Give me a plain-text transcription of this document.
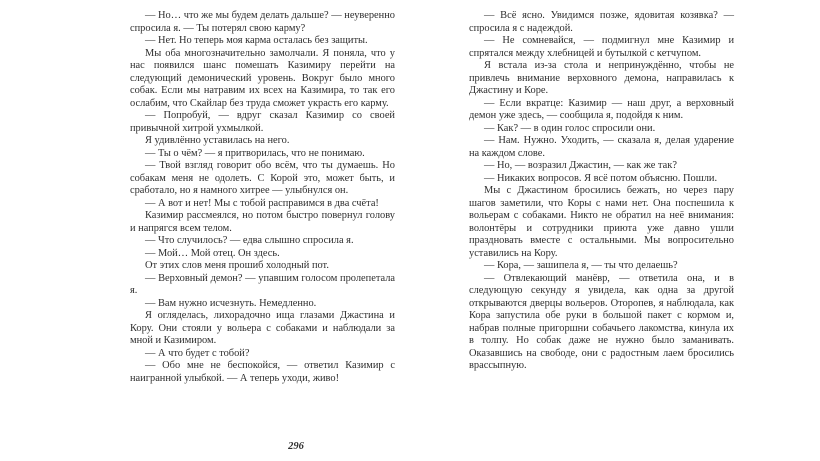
— Но… что же мы будем делать дальше? — неуверенно спросила я. — Ты потерял свою карму?

— Нет. Но теперь моя карма осталась без защиты.

Мы оба многозначительно замолчали. Я поняла, что у нас появился шанс помешать Казимиру перейти на следующий демонический уровень. Вокруг было много собак. Если мы натравим их всех на Казимира, то так его ослабим, что Скайлар без труда сможет украсть его карму.

— Попробуй, — вдруг сказал Казимир со своей привычной хитрой ухмылкой.

Я удивлённо уставилась на него.

— Ты о чём? — я притворилась, что не понимаю.

— Твой взгляд говорит обо всём, что ты думаешь. Но собакам меня не одолеть. С Корой это, может быть, и сработало, но я намного хитрее — улыбнулся он.

— А вот и нет! Мы с тобой расправимся в два счёта!

Казимир рассмеялся, но потом быстро повернул голову и напрягся всем телом.

— Что случилось? — едва слышно спросила я.

— Мой… Мой отец. Он здесь.

От этих слов меня прошиб холодный пот.

— Верховный демон? — упавшим голосом пролепетала я.

— Вам нужно исчезнуть. Немедленно.

Я огляделась, лихорадочно ища глазами Джастина и Кору. Они стояли у вольера с собаками и наблюдали за мной и Казимиром.

— А что будет с тобой?

— Обо мне не беспокойся, — ответил Казимир с наигранной улыбкой. — А теперь уходи, живо!

— Всё ясно. Увидимся позже, ядовитая козявка? — спросила я с надеждой.

— Не сомневайся, — подмигнул мне Казимир и спрятался между хлебницей и бутылкой с кетчупом.

Я встала из-за стола и непринуждённо, чтобы не привлечь внимание верховного демона, направилась к Джастину и Коре.

— Если вкратце: Казимир — наш друг, а верховный демон уже здесь, — сообщила я, подойдя к ним.

— Как? — в один голос спросили они.

— Нам. Нужно. Уходить, — сказала я, делая ударение на каждом слове.

— Но, — возразил Джастин, — как же так?

— Никаких вопросов. Я всё потом объясню. Пошли.

Мы с Джастином бросились бежать, но через пару шагов заметили, что Коры с нами нет. Она поспешила к вольерам с собаками. Никто не обратил на неё внимания: волонтёры и сотрудники приюта уже давно ушли праздновать вместе с остальными. Мы вопросительно уставились на Кору.

— Кора, — зашипела я, — ты что делаешь?

— Отвлекающий манёвр, — ответила она, и в следующую секунду я увидела, как одна за другой открываются дверцы вольеров. Оторопев, я наблюдала, как Кора запустила обе руки в большой пакет с кормом и, набрав полные пригоршни собачьего лакомства, кинула их в толпу. Но собак даже не нужно было заманивать. Оказавшись на свободе, они с радостным лаем бросились врассыпную.

296
